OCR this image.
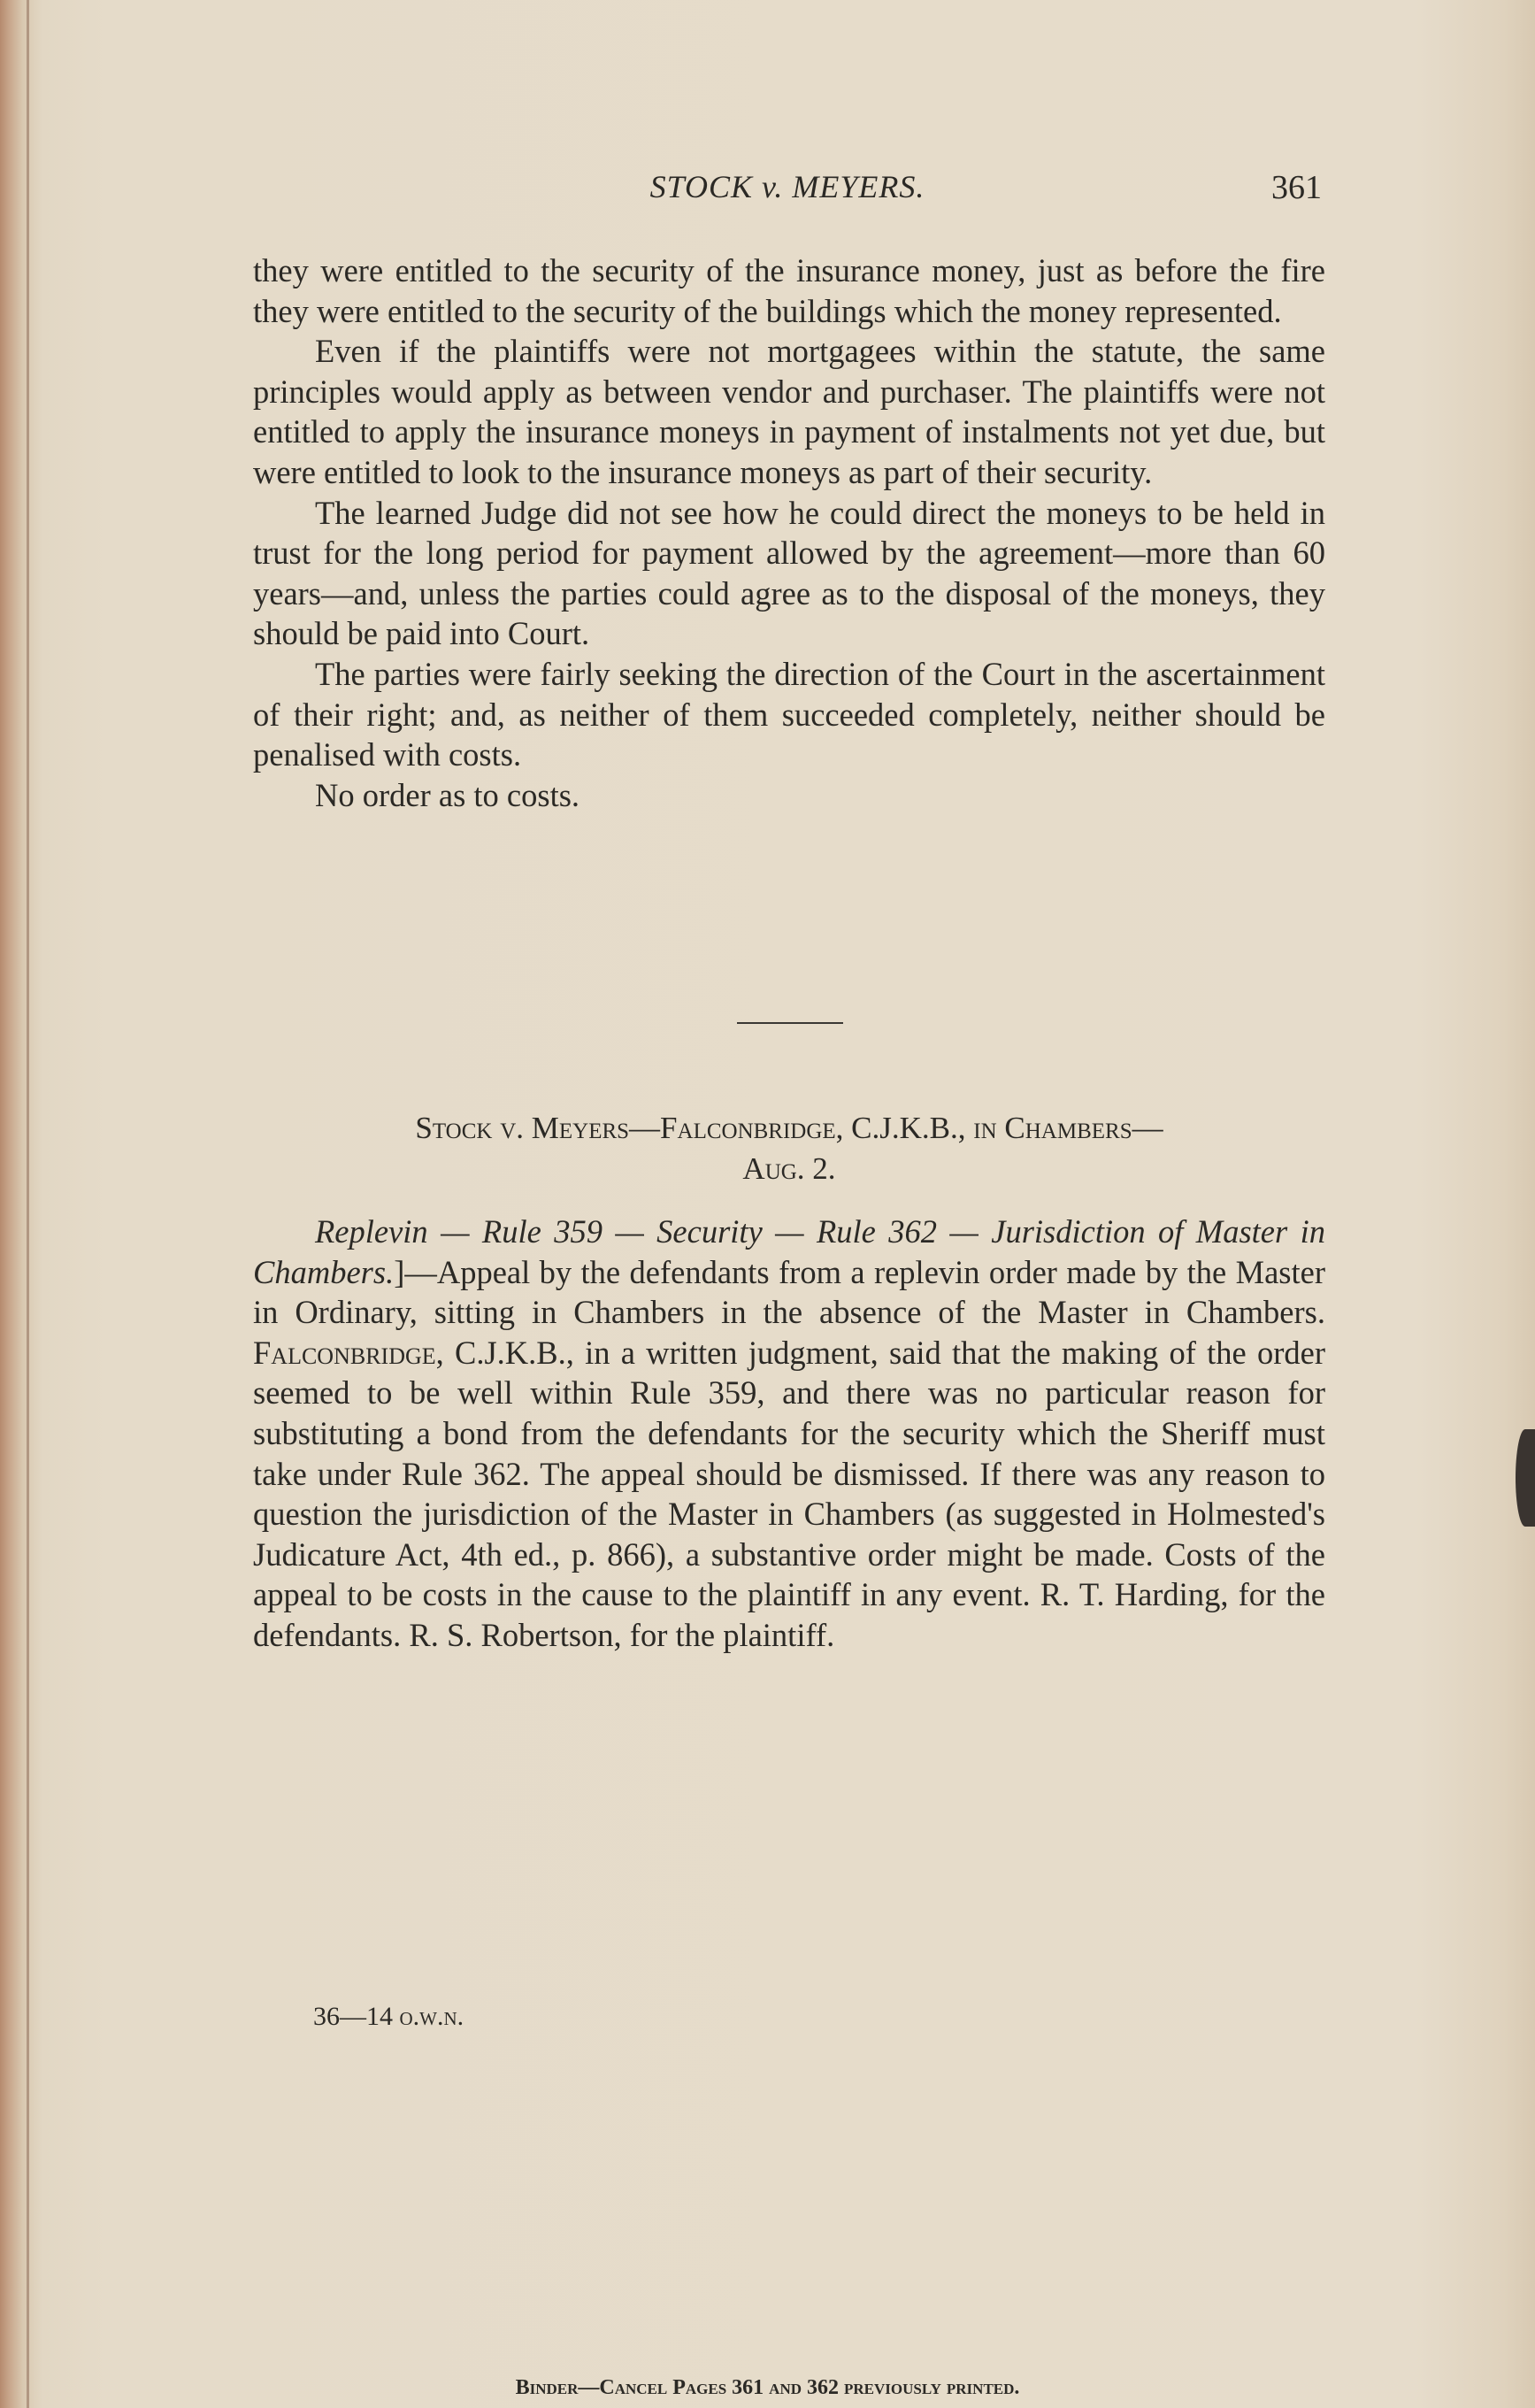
STOCK v. MEYERS.	361

they were entitled to the security of the insurance money, just as before the fire they were entitled to the security of the buildings which the money represented.

Even if the plaintiffs were not mortgagees within the statute, the same principles would apply as between vendor and purchaser. The plaintiffs were not entitled to apply the insurance moneys in payment of instalments not yet due, but were entitled to look to the insurance moneys as part of their security.

The learned Judge did not see how he could direct the moneys to be held in trust for the long period for payment allowed by the agreement—more than 60 years—and, unless the parties could agree as to the disposal of the moneys, they should be paid into Court.

The parties were fairly seeking the direction of the Court in the ascertainment of their right; and, as neither of them succeeded completely, neither should be penalised with costs.

No order as to costs.

Stock v. Meyers—Falconbridge, C.J.K.B., in Chambers—
Aug. 2.

Replevin — Rule 359 — Security — Rule 362 — Jurisdiction of Master in Chambers.]—Appeal by the defendants from a replevin order made by the Master in Ordinary, sitting in Chambers in the absence of the Master in Chambers. Falconbridge, C.J.K.B., in a written judgment, said that the making of the order seemed to be well within Rule 359, and there was no particular reason for substituting a bond from the defendants for the security which the Sheriff must take under Rule 362. The appeal should be dismissed. If there was any reason to question the jurisdiction of the Master in Chambers (as suggested in Holmested's Judicature Act, 4th ed., p. 866), a substantive order might be made. Costs of the appeal to be costs in the cause to the plaintiff in any event. R. T. Harding, for the defendants. R. S. Robertson, for the plaintiff.

36—14 o.w.n.
Binder—Cancel Pages 361 and 362 previously printed.
